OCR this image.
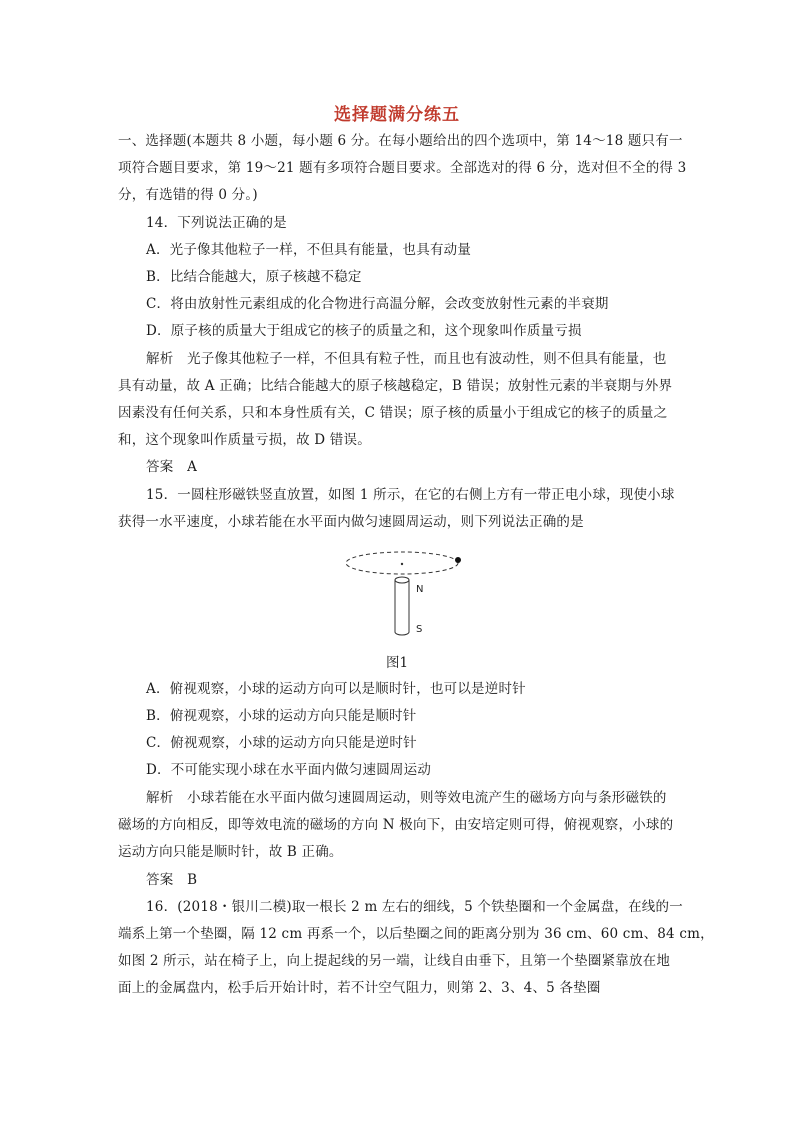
选择题满分练五
一、选择题(本题共 8 小题，每小题 6 分。在每小题给出的四个选项中，第 14～18 题只有一
项符合题目要求，第 19～21 题有多项符合题目要求。全部选对的得 6 分，选对但不全的得 3
分，有选错的得 0 分。)
14．下列说法正确的是
A．光子像其他粒子一样，不但具有能量，也具有动量
B．比结合能越大，原子核越不稳定
C．将由放射性元素组成的化合物进行高温分解，会改变放射性元素的半衰期
D．原子核的质量大于组成它的核子的质量之和，这个现象叫作质量亏损
解析　光子像其他粒子一样，不但具有粒子性，而且也有波动性，则不但具有能量，也
具有动量，故 A 正确；比结合能越大的原子核越稳定，B 错误；放射性元素的半衰期与外界
因素没有任何关系，只和本身性质有关，C 错误；原子核的质量小于组成它的核子的质量之
和，这个现象叫作质量亏损，故 D 错误。
答案　A
15．一圆柱形磁铁竖直放置，如图 1 所示，在它的右侧上方有一带正电小球，现使小球
获得一水平速度，小球若能在水平面内做匀速圆周运动，则下列说法正确的是
N
S
图1
A．俯视观察，小球的运动方向可以是顺时针，也可以是逆时针
B．俯视观察，小球的运动方向只能是顺时针
C．俯视观察，小球的运动方向只能是逆时针
D．不可能实现小球在水平面内做匀速圆周运动
解析　小球若能在水平面内做匀速圆周运动，则等效电流产生的磁场方向与条形磁铁的
磁场的方向相反，即等效电流的磁场的方向 N 极向下，由安培定则可得，俯视观察，小球的
运动方向只能是顺时针，故 B 正确。
答案　B
16．(2018・银川二模)取一根长 2 m 左右的细线，5 个铁垫圈和一个金属盘，在线的一
端系上第一个垫圈，隔 12 cm 再系一个，以后垫圈之间的距离分别为 36 cm、60 cm、84 cm，
如图 2 所示，站在椅子上，向上提起线的另一端，让线自由垂下，且第一个垫圈紧靠放在地
面上的金属盘内，松手后开始计时，若不计空气阻力，则第 2、3、4、5 各垫圈
